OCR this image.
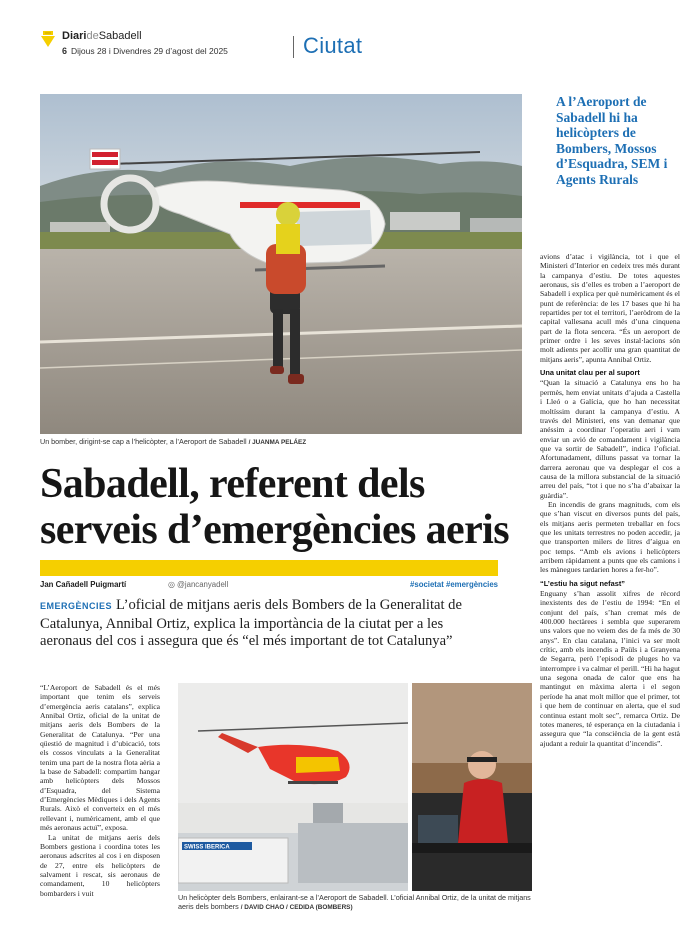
DiarideSabadell
6 Dijous 28 i Divendres 29 d’agost del 2025	Ciutat
A l’Aeroport de Sabadell hi ha helicòpters de Bombers, Mossos d’Esquadra, SEM i Agents Rurals
Un bomber, dirigint-se cap a l’helicòpter, a l’Aeroport de Sabadell / JUANMA PELÁEZ
Sabadell, referent dels
serveis d’emergències aeris
Jan Cañadell Puigmartí	◎ @jancanyadell	#societat #emergències
EMERGÈNCIES L’oficial de mitjans aeris dels Bombers de la Generalitat de Catalunya, Annibal Ortiz, explica la importància de la ciutat per a les aeronaus del cos i assegura que és “el més important de tot Catalunya”

“L’Aeroport de Sabadell és el més important que tenim els serveis d’emergència aeris catalans”, explica Annibal Ortiz, oficial de la unitat de mitjans aeris dels Bombers de la Generalitat de Catalunya. “Per una qüestió de magnitud i d’ubicació, tots els cossos vinculats a la Generalitat tenim una part de la nostra flota aèria a la base de Sabadell: compartim hangar amb helicòpters dels Mossos d’Esquadra, del Sistema d’Emergències Mèdiques i dels Agents Rurals. Això el converteix en el més rellevant i, numèricament, amb el que més aeronaus actuï”, exposa.

La unitat de mitjans aeris dels Bombers gestiona i coordina totes les aeronaus adscrites al cos i en disposen de 27, entre els helicòpters de salvament i rescat, sis aeronaus de comandament, 10 helicòpters bombarders i vuit

avions d’atac i vigilància, tot i que el Ministeri d’Interior en cedeix tres més durant la campanya d’estiu. De totes aquestes aeronaus, sis d’elles es troben a l’aeroport de Sabadell i explica per què numèricament és el punt de referència: de les 17 bases que hi ha repartides per tot el territori, l’aeròdrom de la capital vallesana acull més d’una cinquena part de la flota sencera. “És un aeroport de primer ordre i les seves instal·lacions són molt adients per acollir una gran quantitat de mitjans aeris”, apunta Annibal Ortiz.

Una unitat clau per al suport

“Quan la situació a Catalunya ens ho ha permès, hem enviat unitats d’ajuda a Castella i Lleó o a Galícia, que ho han necessitat moltíssim durant la campanya d’estiu. A través del Ministeri, ens van demanar que anéssim a coordinar l’operatiu aeri i vam enviar un avió de comandament i vigilància que va sortir de Sabadell”, indica l’oficial. Afortunadament, dilluns passat va tornar la darrera aeronau que va desplegar el cos a causa de la millora substancial de la situació arreu del país, “tot i que no s’ha d’abaixar la guàrdia”.

En incendis de grans magnituds, com els que s’han viscut en diversos punts del país, els mitjans aeris permeten treballar en focs que les unitats terrestres no poden accedir, ja que transporten milers de litres d’aigua en poc temps. “Amb els avions i helicòpters arribem ràpidament a punts que els camions i les mànegues tardarien hores a fer-ho”.

“L’estiu ha sigut nefast”

Enguany s’han assolit xifres de rècord inexistents des de l’estiu de 1994: “En el conjunt del país, s’han cremat més de 400.000 hectàrees i sembla que superarem uns valors que no veiem des de fa més de 30 anys”. En clau catalana, l’inici va ser molt crític, amb els incendis a Paüls i a Granyena de Segarra, però l’episodi de pluges ho va interrompre i va calmar el perill. “Hi ha hagut una segona onada de calor que ens ha mantingut en màxima alerta i el segon període ha anat molt millor que el primer, tot i que hem de continuar en alerta, que el sud continua estant molt sec”, remarca Ortiz. De totes maneres, té esperança en la ciutadania i assegura que “la consciència de la gent està ajudant a reduir la quantitat d’incendis”.

SWISS IBERICA
Un helicòpter dels Bombers, enlairant-se a l’Aeroport de Sabadell. L’oficial Annibal Ortiz, de la unitat de mitjans aeris dels bombers / DAVID CHAO / CEDIDA (BOMBERS)
